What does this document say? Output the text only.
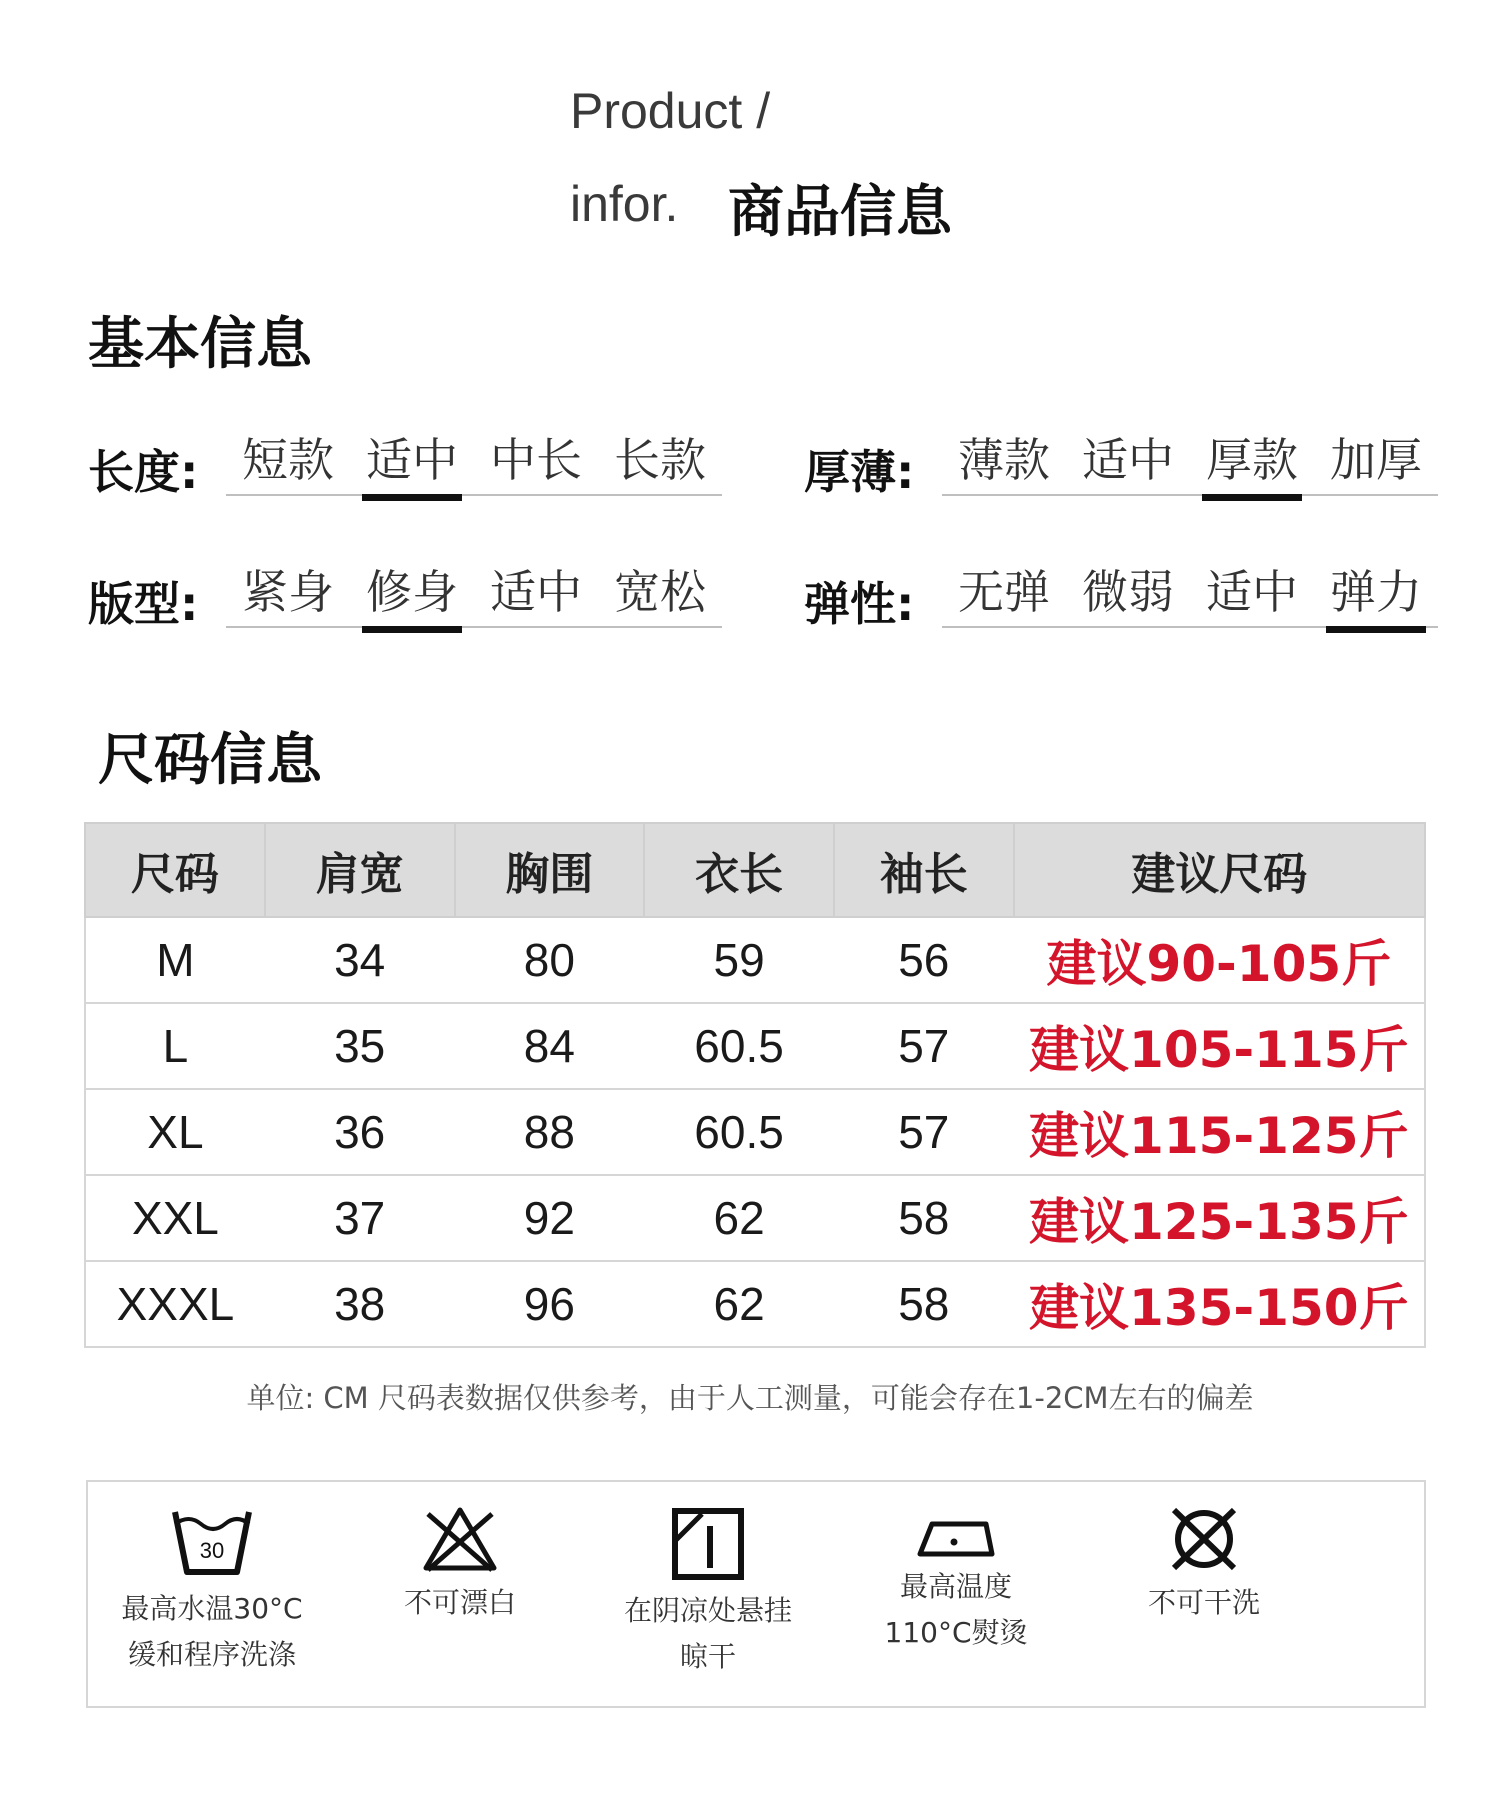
Product /
infor. 商品信息
基本信息
长度: 短款 适中 中长 长款	厚薄: 薄款 适中 厚款 加厚
版型: 紧身 修身 适中 宽松	弹性: 无弹 微弱 适中 弹力
尺码信息
尺码	肩宽	胸围	衣长	袖长	建议尺码
M	34	80	59	56	建议90-105斤
L	35	84	60.5	57	建议105-115斤
XL	36	88	60.5	57	建议115-125斤
XXL	37	92	62	58	建议125-135斤
XXXL	38	96	62	58	建议135-150斤
单位: CM 尺码表数据仅供参考，由于人工测量，可能会存在1-2CM左右的偏差
30
最高水温30°C
缓和程序洗涤
不可漂白	在阴凉处悬挂
晾干
最高温度
110°C熨烫
不可干洗
